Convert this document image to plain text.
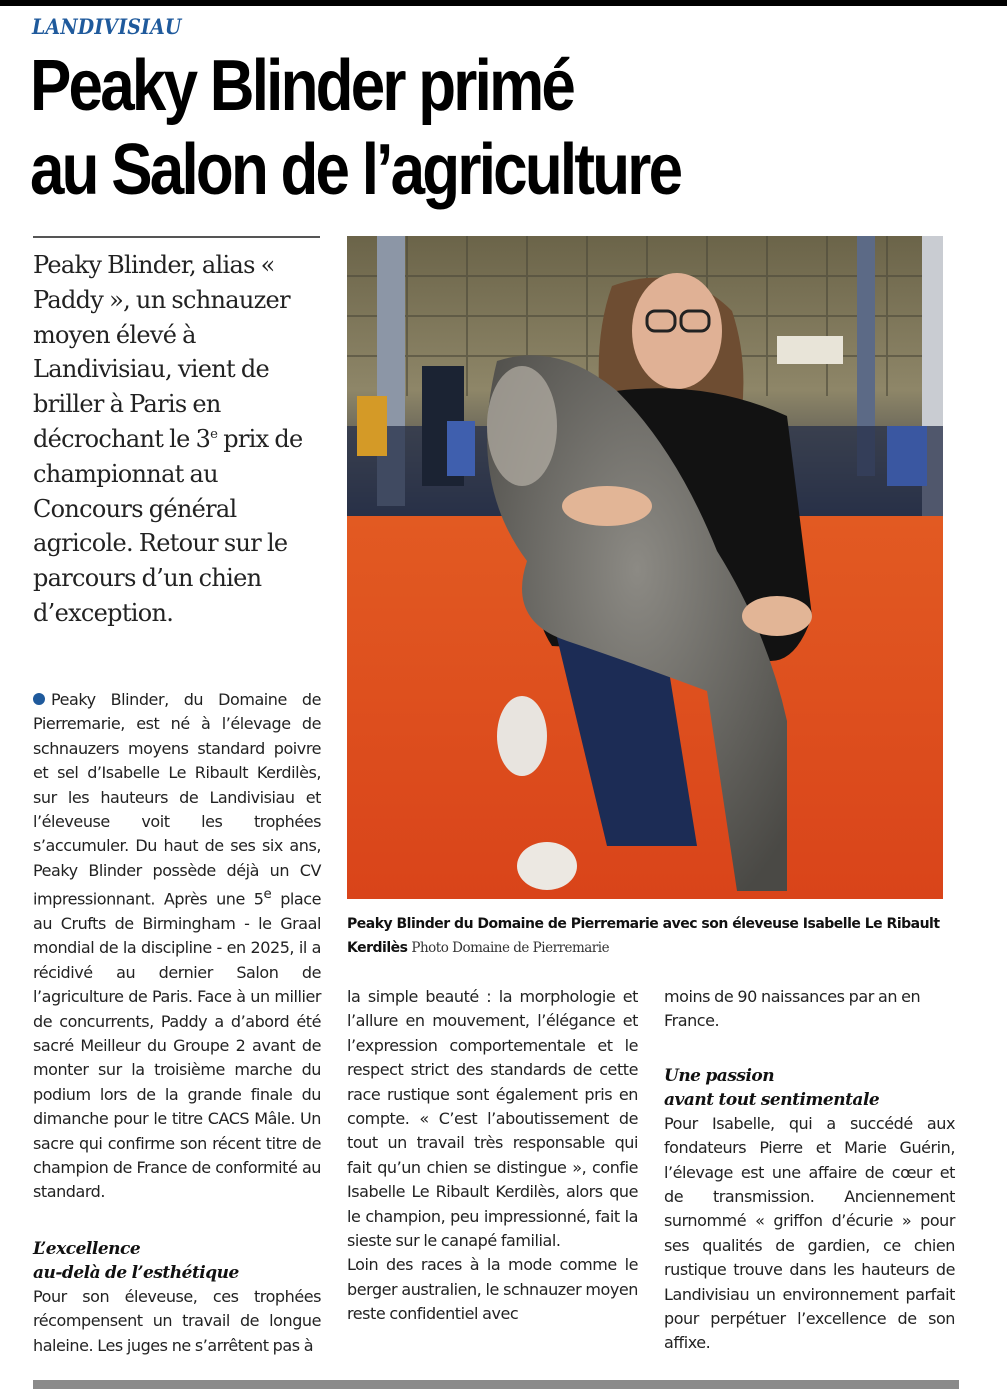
LANDIVISIAU
Peaky Blinder primé
au Salon de l’agriculture

Peaky Blinder, alias « Paddy », un schnauzer moyen élevé à Landivisiau, vient de briller à Paris en décrochant le 3e prix de championnat au Concours général agricole. Retour sur le parcours d’un chien d’exception.

Peaky Blinder du Domaine de Pierremarie avec son éleveuse Isabelle Le Ribault Kerdilès Photo Domaine de Pierremarie

Peaky Blinder, du Domaine de Pierremarie, est né à l’élevage de schnauzers moyens standard poivre et sel d’Isabelle Le Ribault Kerdilès, sur les hauteurs de Landivisiau et l’éleveuse voit les trophées s’accumuler. Du haut de ses six ans, Peaky Blinder possède déjà un CV impressionnant. Après une 5e place au Crufts de Birmingham - le Graal mondial de la discipline - en 2025, il a récidivé au dernier Salon de l’agriculture de Paris. Face à un millier de concurrents, Paddy a d’abord été sacré Meilleur du Groupe 2 avant de monter sur la troisième marche du podium lors de la grande finale du dimanche pour le titre CACS Mâle. Un sacre qui confirme son récent titre de champion de France de conformité au standard.

L’excellence
au-delà de l’esthétique

Pour son éleveuse, ces trophées récompensent un travail de longue haleine. Les juges ne s’arrêtent pas à

la simple beauté : la morphologie et l’allure en mouvement, l’élégance et l’expression comportementale et le respect strict des standards de cette race rustique sont également pris en compte. « C’est l’aboutissement de tout un travail très responsable qui fait qu’un chien se distingue », confie Isabelle Le Ribault Kerdilès, alors que le champion, peu impressionné, fait la sieste sur le canapé familial.

Loin des races à la mode comme le berger australien, le schnauzer moyen reste confidentiel avec

moins de 90 naissances par an en France.

Une passion
avant tout sentimentale

Pour Isabelle, qui a succédé aux fondateurs Pierre et Marie Guérin, l’élevage est une affaire de cœur et de transmission. Anciennement surnommé « griffon d’écurie » pour ses qualités de gardien, ce chien rustique trouve dans les hauteurs de Landivisiau un environnement parfait pour perpétuer l’excellence de son affixe.
